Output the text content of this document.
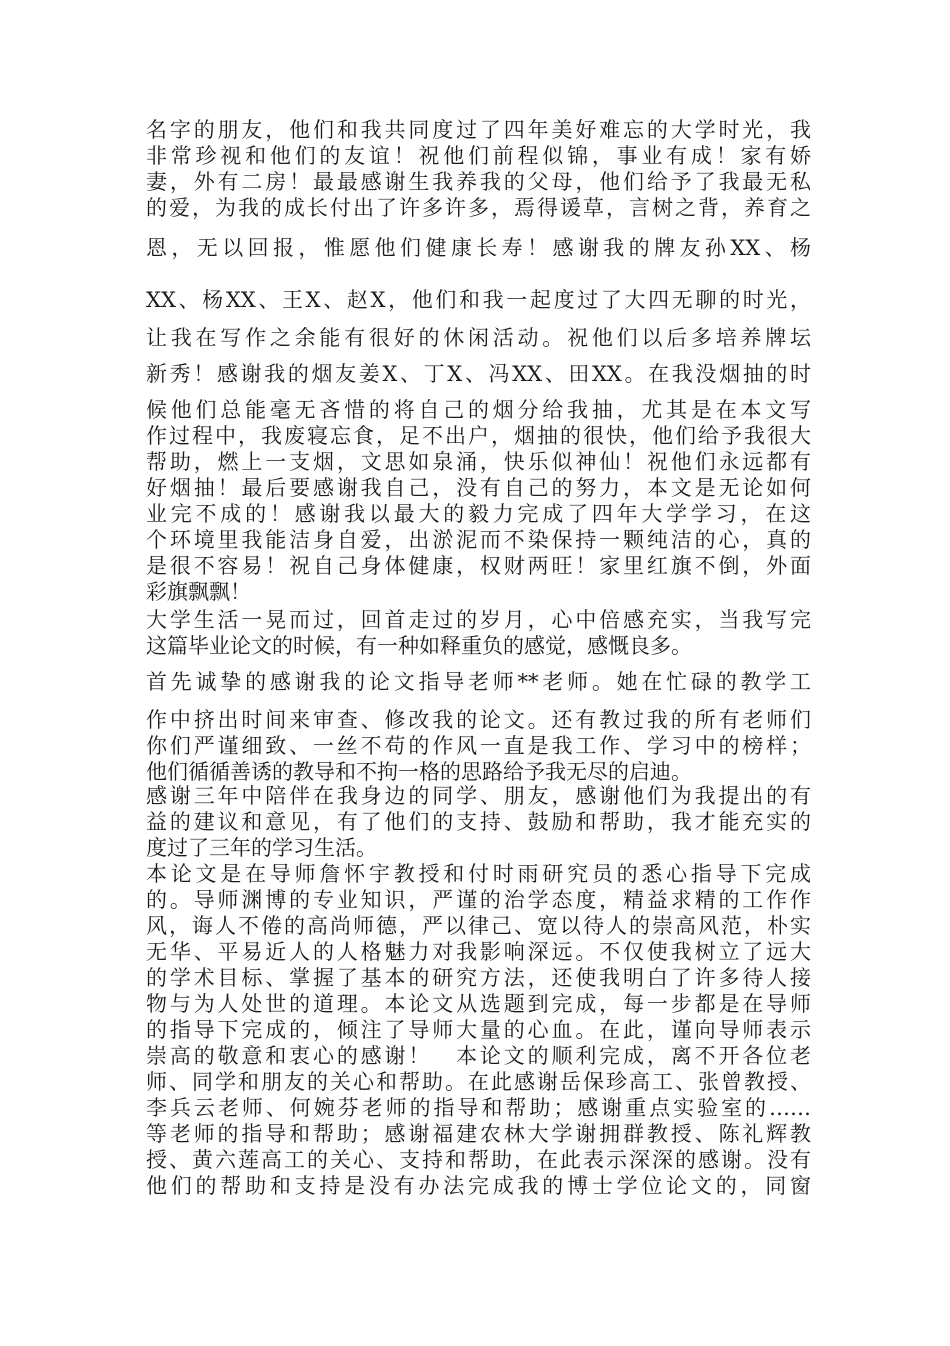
名字的朋友，他们和我共同度过了四年美好难忘的大学时光，我
非常珍视和他们的友谊！祝他们前程似锦，事业有成！家有娇
妻，外有二房！最最感谢生我养我的父母，他们给予了我最无私
的爱，为我的成长付出了许多许多，焉得谖草，言树之背，养育之
恩，无以回报，惟愿他们健康长寿！感谢我的牌友孙XX、杨
XX、杨XX、王X、赵X，他们和我一起度过了大四无聊的时光，
让我在写作之余能有很好的休闲活动。祝他们以后多培养牌坛
新秀！感谢我的烟友姜X、丁X、冯XX、田XX。在我没烟抽的时
候他们总能毫无吝惜的将自己的烟分给我抽，尤其是在本文写
作过程中，我废寝忘食，足不出户，烟抽的很快，他们给予我很大
帮助，燃上一支烟，文思如泉涌，快乐似神仙！祝他们永远都有
好烟抽！最后要感谢我自己，没有自己的努力，本文是无论如何
业完不成的！感谢我以最大的毅力完成了四年大学学习，在这
个环境里我能洁身自爱，出淤泥而不染保持一颗纯洁的心，真的
是很不容易！祝自己身体健康，权财两旺！家里红旗不倒，外面
彩旗飘飘！
大学生活一晃而过，回首走过的岁月，心中倍感充实，当我写完
这篇毕业论文的时候，有一种如释重负的感觉，感慨良多。
首先诚挚的感谢我的论文指导老师**老师。她在忙碌的教学工
作中挤出时间来审查、修改我的论文。还有教过我的所有老师们
你们严谨细致、一丝不苟的作风一直是我工作、学习中的榜样；
他们循循善诱的教导和不拘一格的思路给予我无尽的启迪。
感谢三年中陪伴在我身边的同学、朋友，感谢他们为我提出的有
益的建议和意见，有了他们的支持、鼓励和帮助，我才能充实的
度过了三年的学习生活。
本论文是在导师詹怀宇教授和付时雨研究员的悉心指导下完成
的。导师渊博的专业知识，严谨的治学态度，精益求精的工作作
风，诲人不倦的高尚师德，严以律己、宽以待人的崇高风范，朴实
无华、平易近人的人格魅力对我影响深远。不仅使我树立了远大
的学术目标、掌握了基本的研究方法，还使我明白了许多待人接
物与为人处世的道理。本论文从选题到完成，每一步都是在导师
的指导下完成的，倾注了导师大量的心血。在此，谨向导师表示
崇高的敬意和衷心的感谢！　本论文的顺利完成，离不开各位老
师、同学和朋友的关心和帮助。在此感谢岳保珍高工、张曾教授、
李兵云老师、何婉芬老师的指导和帮助；感谢重点实验室的……
等老师的指导和帮助；感谢福建农林大学谢拥群教授、陈礼辉教
授、黄六莲高工的关心、支持和帮助，在此表示深深的感谢。没有
他们的帮助和支持是没有办法完成我的博士学位论文的，同窗
